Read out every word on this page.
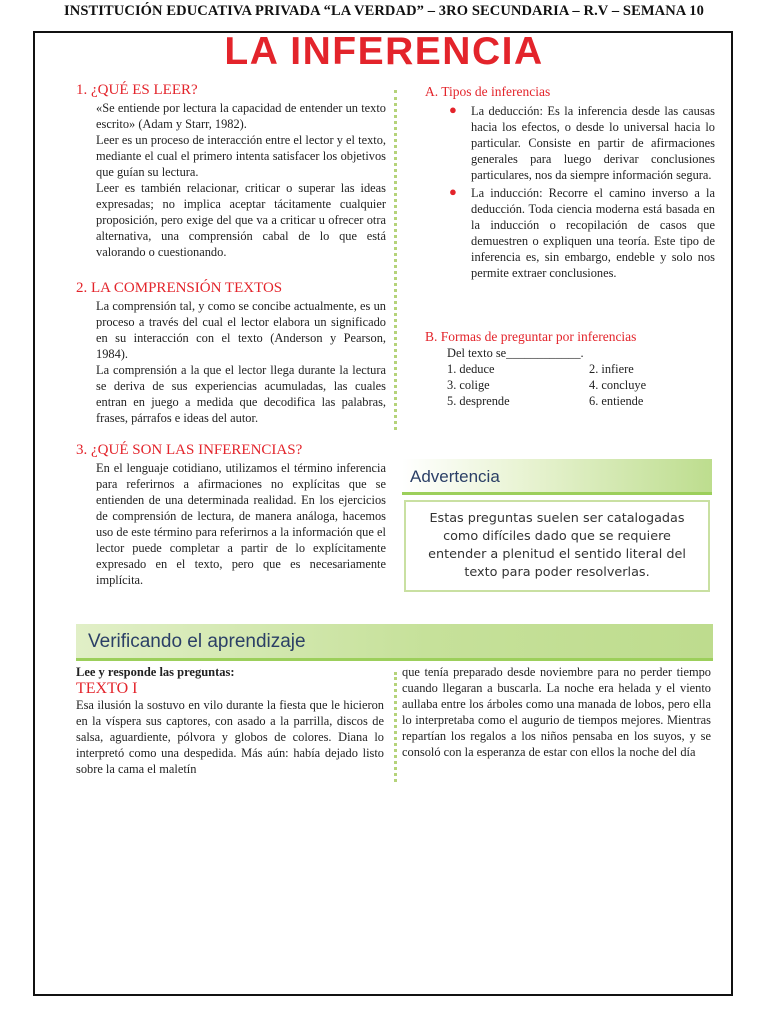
INSTITUCIÓN EDUCATIVA PRIVADA “LA VERDAD” – 3RO SECUNDARIA – R.V – SEMANA 10
LA INFERENCIA
1. ¿QUÉ ES LEER?

«Se entiende por lectura la capacidad de entender un texto escrito» (Adam y Starr, 1982).

Leer es un proceso de interacción entre el lector y el texto, mediante el cual el primero intenta satisfacer los objetivos que guían su lectura.

Leer es también relacionar, criticar o superar las ideas expresadas; no implica aceptar tácitamente cualquier proposición, pero exige del que va a criticar u ofrecer otra alternativa, una comprensión cabal de lo que está valorando o cuestionando.

2. LA COMPRENSIÓN TEXTOS

La comprensión tal, y como se concibe actualmente, es un proceso a través del cual el lector elabora un significado en su interacción con el texto (Anderson y Pearson, 1984).

La comprensión a la que el lector llega durante la lectura se deriva de sus experiencias acumuladas, las cuales entran en juego a medida que decodifica las palabras, frases, párrafos e ideas del autor.

3. ¿QUÉ SON LAS INFERENCIAS?

En el lenguaje cotidiano, utilizamos el término inferencia para referirnos a afirmaciones no explícitas que se entienden de una determinada realidad. En los ejercicios de comprensión de lectura, de manera análoga, hacemos uso de este término para referirnos a la información que el lector puede completar a partir de lo explícitamente expresado en el texto, pero que es necesariamente implícita.

A. Tipos de inferencias
● La deducción: Es la inferencia desde las causas hacia los efectos, o desde lo universal hacia lo particular. Consiste en partir de afirmaciones generales para luego derivar conclusiones particulares, nos da siempre información segura.
● La inducción: Recorre el camino inverso a la deducción. Toda ciencia moderna está basada en la inducción o recopilación de casos que demuestren o expliquen una teoría. Este tipo de inferencia es, sin embargo, endeble y solo nos permite extraer conclusiones.
B. Formas de preguntar por inferencias
Del texto se____________.
1. deduce	2. infiere
3. colige	4. concluye
5. desprende	6. entiende
Advertencia
Estas preguntas suelen ser catalogadas como difíciles dado que se requiere entender a plenitud el sentido literal del texto para poder resolverlas.
Verificando el aprendizaje
Lee y responde las preguntas:
TEXTO I
Esa ilusión la sostuvo en vilo durante la fiesta que le hicieron en la víspera sus captores, con asado a la parrilla, discos de salsa, aguardiente, pólvora y globos de colores. Diana lo interpretó como una despedida. Más aún: había dejado listo sobre la cama el maletín
que tenía preparado desde noviembre para no perder tiempo cuando llegaran a buscarla. La noche era helada y el viento aullaba entre los árboles como una manada de lobos, pero ella lo interpretaba como el augurio de tiempos mejores. Mientras repartían los regalos a los niños pensaba en los suyos, y se consoló con la esperanza de estar con ellos la noche del día
